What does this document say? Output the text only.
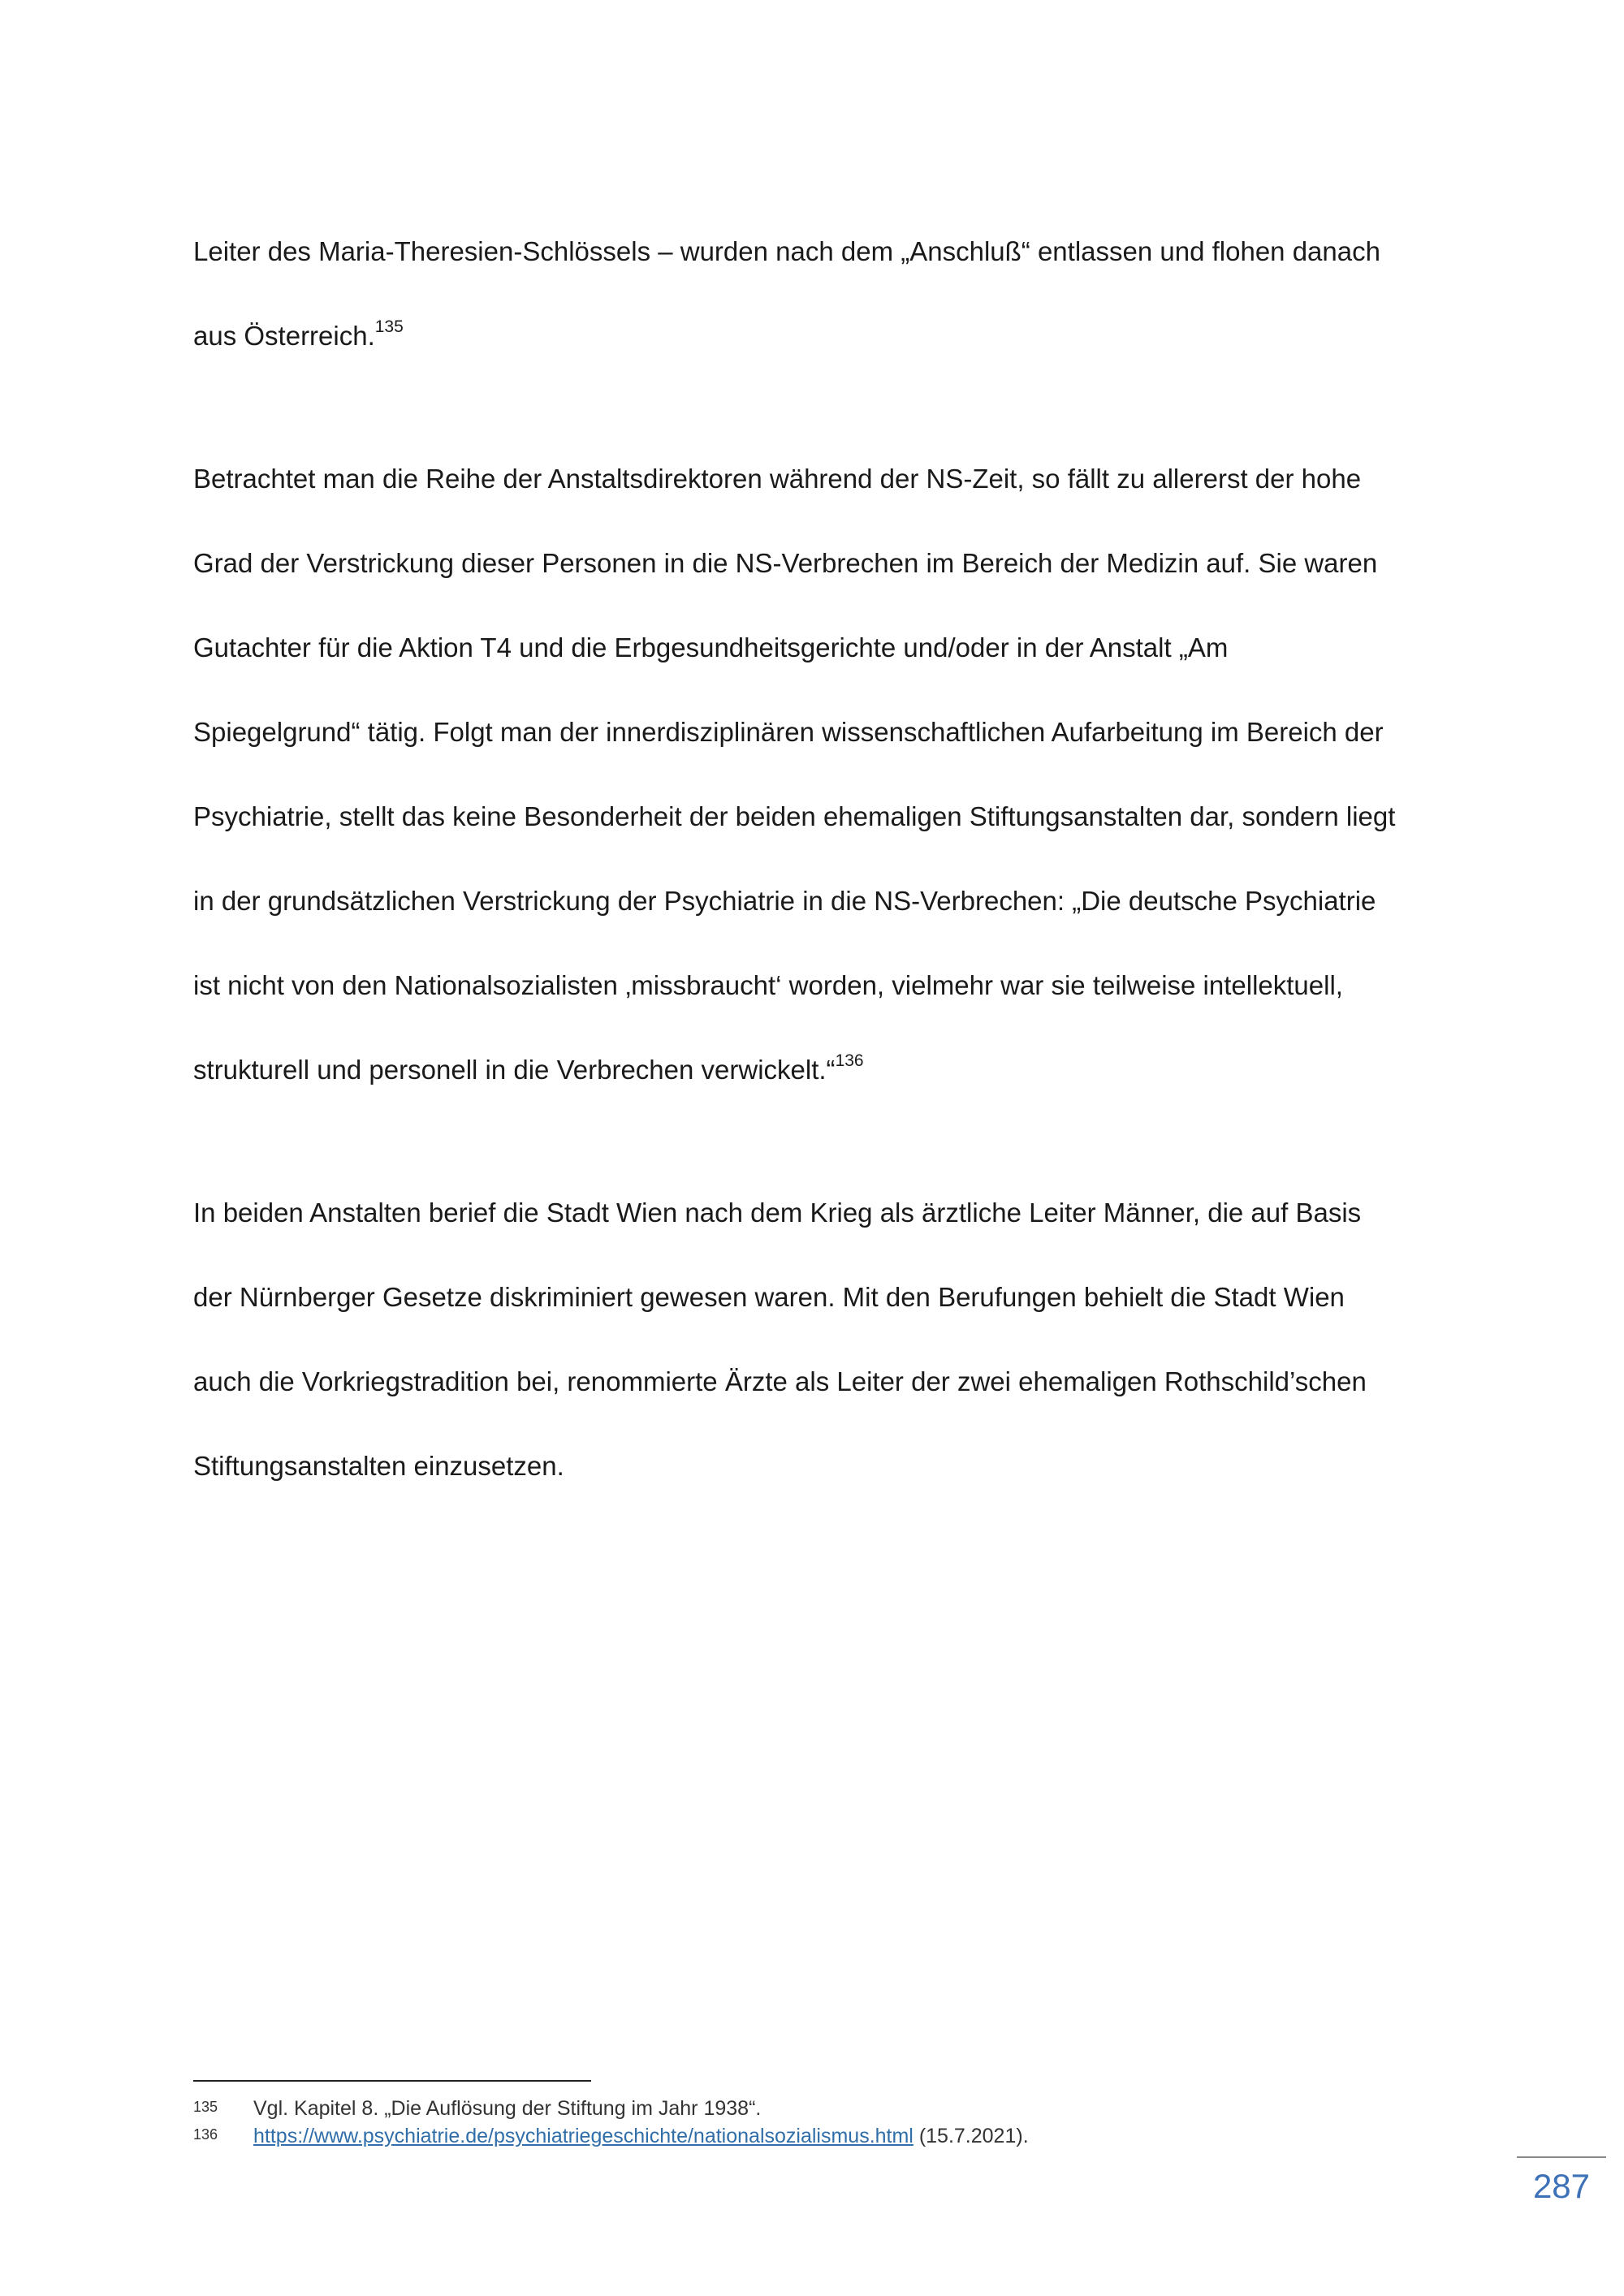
Leiter des Maria-Theresien-Schlössels – wurden nach dem „Anschluß“ entlassen und flohen danach

aus Österreich.$^{135}$

Betrachtet man die Reihe der Anstaltsdirektoren während der NS-Zeit, so fällt zu allererst der hohe

Grad der Verstrickung dieser Personen in die NS-Verbrechen im Bereich der Medizin auf. Sie waren

Gutachter für die Aktion T4 und die Erbgesundheitsgerichte und/oder in der Anstalt „Am

Spiegelgrund“ tätig. Folgt man der innerdisziplinären wissenschaftlichen Aufarbeitung im Bereich der

Psychiatrie, stellt das keine Besonderheit der beiden ehemaligen Stiftungsanstalten dar, sondern liegt

in der grundsätzlichen Verstrickung der Psychiatrie in die NS-Verbrechen: „Die deutsche Psychiatrie

ist nicht von den Nationalsozialisten ‚missbraucht‘ worden, vielmehr war sie teilweise intellektuell,

strukturell und personell in die Verbrechen verwickelt.“$^{136}$

In beiden Anstalten berief die Stadt Wien nach dem Krieg als ärztliche Leiter Männer, die auf Basis

der Nürnberger Gesetze diskriminiert gewesen waren. Mit den Berufungen behielt die Stadt Wien

auch die Vorkriegstradition bei, renommierte Ärzte als Leiter der zwei ehemaligen Rothschild’schen

Stiftungsanstalten einzusetzen.

135 Vgl. Kapitel 8. „Die Auflösung der Stiftung im Jahr 1938“.
136 https://www.psychiatrie.de/psychiatriegeschichte/nationalsozialismus.html (15.7.2021).
287
